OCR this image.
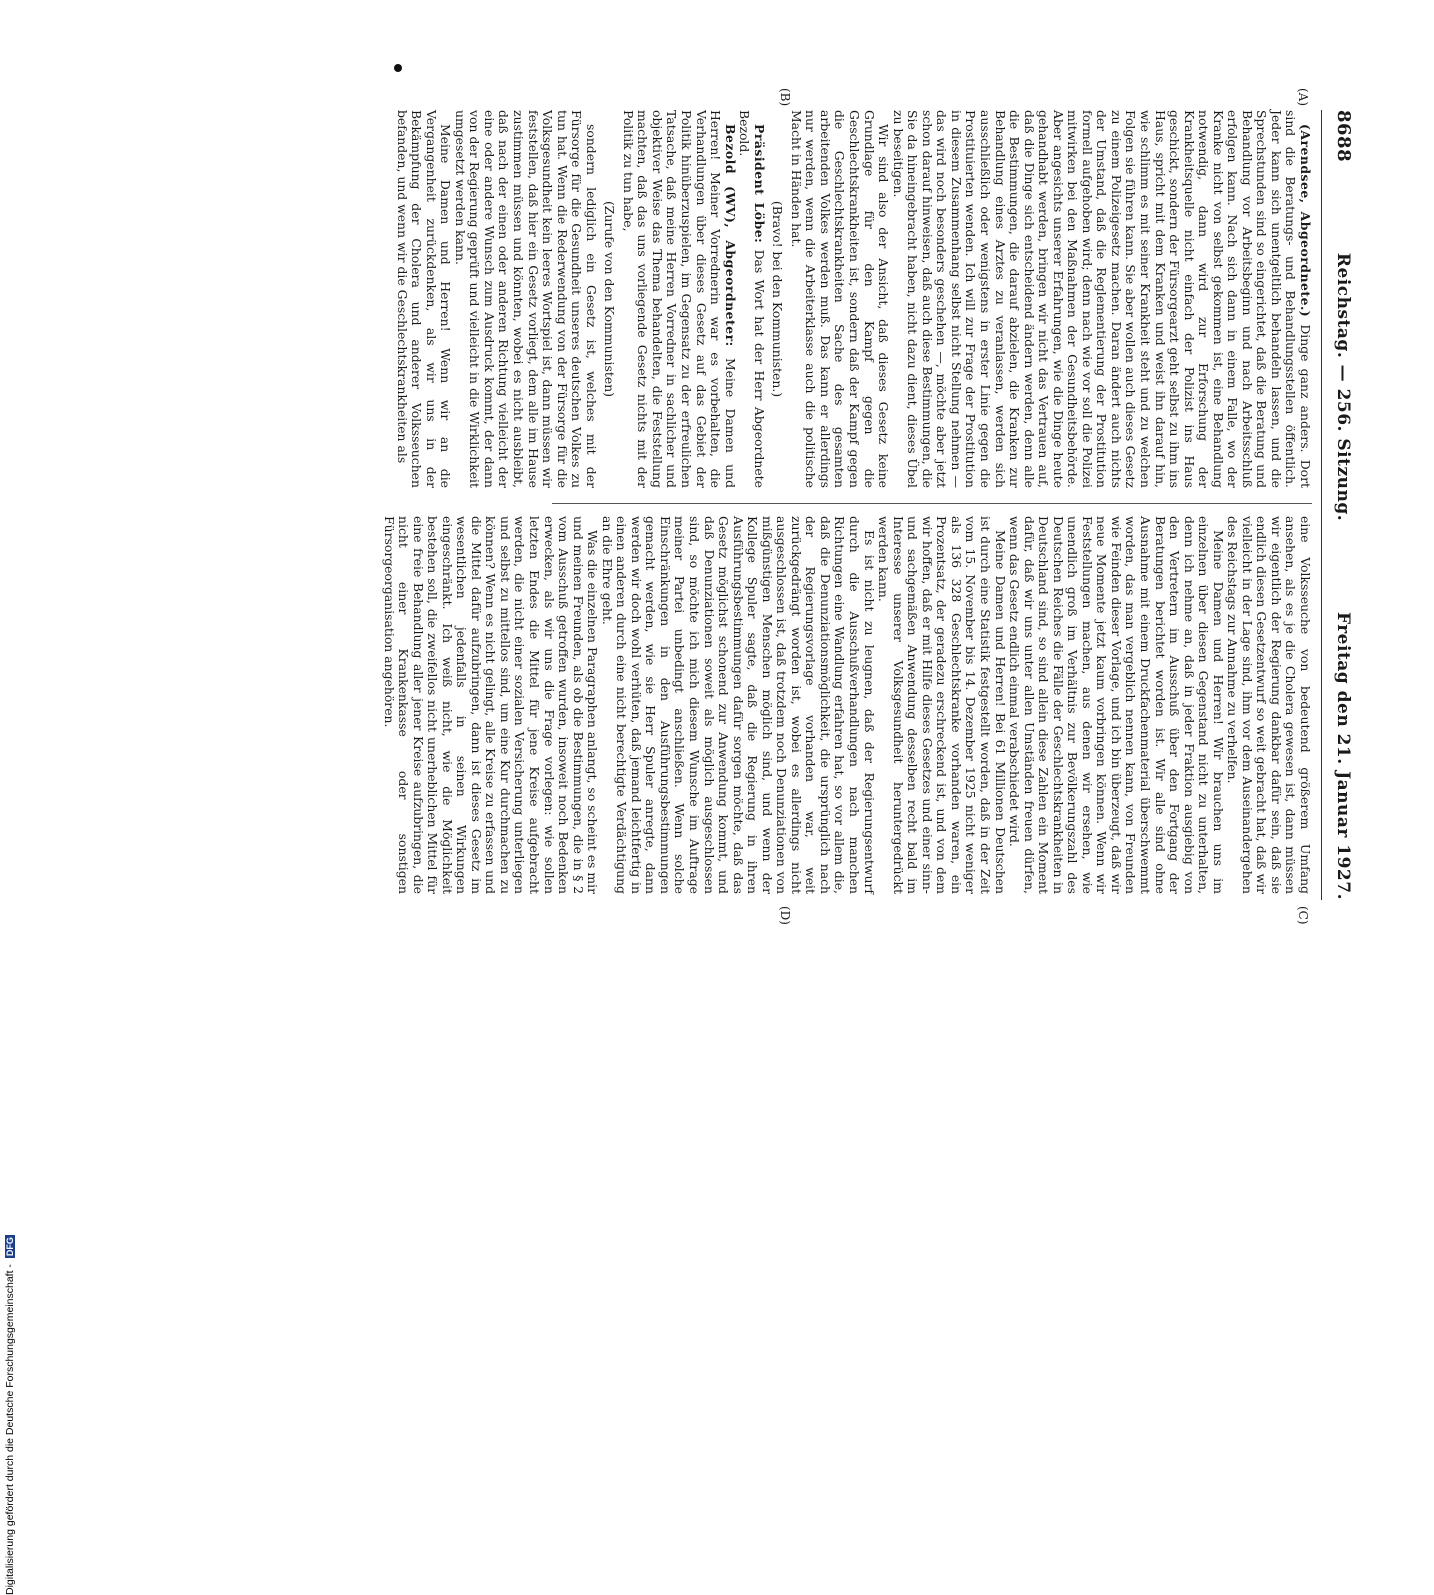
8688
Reichstag. — 256. Sitzung.
Freitag den 21. Januar 1927.
(A)
(B)
(C)
(D)

(Arendsee, Abgeordnete.) Dinge ganz anders. Dort sind die Beratungs- und Behandlungsstellen öffentlich. Jeder kann sich unentgeltlich behandeln lassen, und die Sprechstunden sind so eingerichtet, daß die Beratung und Behandlung vor Arbeitsbeginn und nach Arbeitsschluß erfolgen kann. Nach sich dann in einem Falle, wo der Kranke nicht von selbst gekommen ist, eine Behandlung notwendig, dann wird zur Erforschung der Krankheitsquelle nicht einfach der Polizist ins Haus geschickt, sondern der Fürsorgearzt geht selbst zu ihm ins Haus, spricht mit dem Kranken und weist ihn darauf hin, wie schlimm es mit seiner Krankheit steht und zu welchen Folgen sie führen kann. Sie aber wollen auch dieses Gesetz zu einem Polizeigesetz machen. Daran ändert auch nichts der Umstand, daß die Reglementierung der Prostitution formell aufgehoben wird; denn nach wie vor soll die Polizei mitwirken bei den Maßnahmen der Gesundheitsbehörde. Aber angesichts unserer Erfahrungen, wie die Dinge heute gehandhabt werden, bringen wir nicht das Vertrauen auf, daß die Dinge sich entscheidend ändern werden, denn alle die Bestimmungen, die darauf abzielen, die Kranken zur Behandlung eines Arztes zu veranlassen, werden sich ausschließlich oder wenigstens in erster Linie gegen die Prostituierten wenden. Ich will zur Frage der Prostitution in diesem Zusammenhang selbst nicht Stellung nehmen — das wird noch besonders geschehen —, möchte aber jetzt schon darauf hinweisen, daß auch diese Bestimmungen, die Sie da hineingebracht haben, nicht dazu dient, dieses Übel zu beseitigen.

Wir sind also der Ansicht, daß dieses Gesetz keine Grundlage für den Kampf gegen die Geschlechtskrankheiten ist, sondern daß der Kampf gegen die Geschlechtskrankheiten Sache des gesamten arbeitenden Volkes werden muß. Das kann er allerdings nur werden, wenn die Arbeiterklasse auch die politische Macht in Händen hat.

(Bravo! bei den Kommunisten.)

Präsident Löbe: Das Wort hat der Herr Abgeordnete Bezold.

Bezold (WV), Abgeordneter: Meine Damen und Herren! Meiner Vorrednerin war es vorbehalten, die Verhandlungen über dieses Gesetz auf das Gebiet der Politik hinüberzuspielen, im Gegensatz zu der erfreulichen Tatsache, daß meine Herren Vorredner in sachlicher und objektiver Weise das Thema behandelten, die Feststellung machten, daß das uns vorliegende Gesetz nichts mit der Politik zu tun habe,

(Zurufe von den Kommunisten)

sondern lediglich ein Gesetz ist, welches mit der Fürsorge für die Gesundheit unseres deutschen Volkes zu tun hat. Wenn die Rederwendung von der Fürsorge für die Volksgesundheit kein leeres Wortspiel ist, dann müssen wir feststellen, daß hier ein Gesetz vorliegt, dem alle im Hause zustimmen müssen und könnten, wobei es nicht ausbleibt, daß nach der einen oder anderen Richtung vielleicht der eine oder andere Wunsch zum Ausdruck kommt, der dann von der Regierung geprüft und vielleicht in die Wirklichkeit umgesetzt werden kann.

Meine Damen und Herren! Wenn wir an die Vergangenheit zurückdenken, als wir uns in der Bekämpfung der Cholera und anderer Volksseuchen befanden, und wenn wir die Geschlechtskrankheiten als

eine Volksseuche von bedeutend größerem Umfang ansehen, als es je die Cholera gewesen ist, dann müssen wir eigentlich der Regierung dankbar dafür sein, daß sie endlich diesen Gesetzentwurf so weit gebracht hat, daß wir vielleicht in der Lage sind, ihm vor dem Auseinandergehen des Reichstags zur Annahme zu verhelfen.

Meine Damen und Herren! Wir brauchen uns im einzelnen über diesen Gegenstand nicht zu unterhalten, denn ich nehme an, daß in jeder Fraktion ausgiebig von den Vertretern im Ausschuß über den Fortgang der Beratungen berichtet worden ist. Wir alle sind ohne Ausnahme mit einem Druckfachenmaterial überschwemmt worden, das man vergeblich nennen kann, von Freunden wie Feinden dieser Vorlage, und ich bin überzeugt, daß wir neue Momente jetzt kaum vorbringen können. Wenn wir Feststellungen machen, aus denen wir ersehen, wie unendlich groß im Verhältnis zur Bevölkerungszahl des Deutschen Reiches die Fälle der Geschlechtskrankheiten in Deutschland sind, so sind allein diese Zahlen ein Moment dafür, daß wir uns unter allen Umständen freuen dürfen, wenn das Gesetz endlich einmal verabschiedet wird.

Meine Damen und Herren! Bei 61 Millionen Deutschen ist durch eine Statistik festgestellt worden, daß in der Zeit vom 15. November bis 14. Dezember 1925 nicht weniger als 136 328 Geschlechtskranke vorhanden waren, ein Prozentsatz, der geradezu erschreckend ist, und von dem wir hoffen, daß er mit Hilfe dieses Gesetzes und einer sinn- und sachgemäßen Anwendung desselben recht bald im Interesse unserer Volksgesundheit heruntergedrückt werden kann.

Es ist nicht zu leugnen, daß der Regierungsentwurf durch die Ausschußverhandlungen nach manchen Richtungen eine Wandlung erfahren hat, so vor allem die, daß die Denunziationsmöglichkeit, die ursprünglich nach der Regierungsvorlage vorhanden war, weit zurückgedrängt worden ist, wobei es allerdings nicht ausgeschlossen ist, daß trotzdem noch Denunziationen von mißgünstigen Menschen möglich sind, und wenn der Kollege Spuler sagte, daß die Regierung in ihren Ausführungsbestimmungen dafür sorgen möchte, daß das Gesetz möglichst schonend zur Anwendung kommt, und daß Denunziationen soweit als möglich ausgeschlossen sind, so möchte ich mich diesem Wunsche im Auftrage meiner Partei unbedingt anschließen. Wenn solche Einschränkungen in den Ausführungsbestimmungen gemacht werden, wie sie Herr Spuler anregte, dann werden wir doch wohl verhüten, daß jemand leichtfertig in einen anderen durch eine nicht berechtigte Verdächtigung an die Ehre geht.

Was die einzelnen Paragraphen anlangt, so scheint es mir und meinen Freunden, als ob die Bestimmungen, die in § 2 vom Ausschuß getroffen wurden, insoweit noch Bedenken erwecken, als wir uns die Frage vorlegen: wie sollen letzten Endes die Mittel für jene Kreise aufgebracht werden, die nicht einer sozialen Versicherung unterliegen und selbst zu mittellos sind, um eine Kur durchmachen zu können? Wenn es nicht gelingt, alle Kreise zu erfassen und die Mittel dafür aufzubringen, dann ist dieses Gesetz im wesentlichen jedenfalls in seinen Wirkungen eingeschränkt. Ich weiß nicht, wie die Möglichkeit bestehen soll, die zweifellos nicht unerheblichen Mittel für eine freie Behandlung aller jener Kreise aufzubringen, die nicht einer Krankenkasse oder sonstigen Fürsorgeorganisation angehören.

Digitalisierung gefördert durch die Deutsche Forschungsgemeinschaft - DFG
